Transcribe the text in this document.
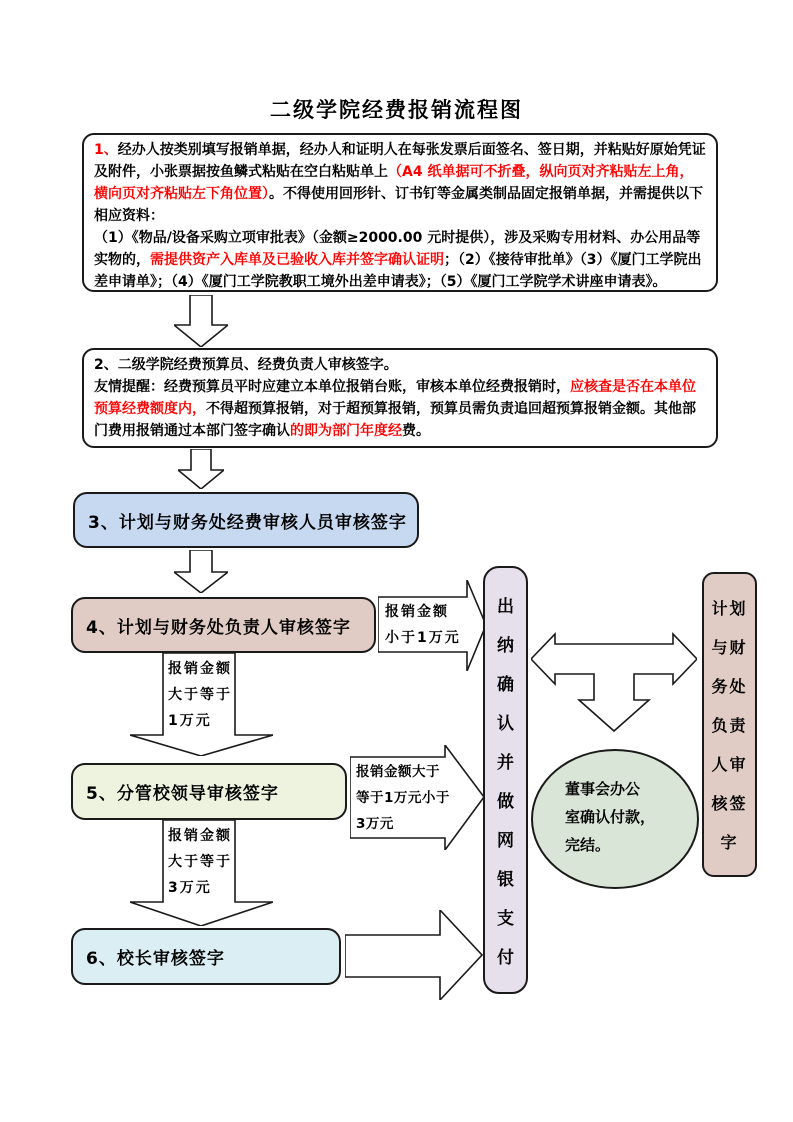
二级学院经费报销流程图
1、经办人按类别填写报销单据，经办人和证明人在每张发票后面签名、签日期，并粘贴好原始凭证及附件，小张票据按鱼鳞式粘贴在空白粘贴单上（A4 纸单据可不折叠，纵向页对齐粘贴左上角，横向页对齐粘贴左下角位置）。不得使用回形针、订书钉等金属类制品固定报销单据，并需提供以下相应资料：
（1）《物品/设备采购立项审批表》（金额≥2000.00 元时提供），涉及采购专用材料、办公用品等实物的，需提供资产入库单及已验收入库并签字确认证明；（2）《接待审批单》（3）《厦门工学院出差申请单》；（4）《厦门工学院教职工境外出差申请表》；（5）《厦门工学院学术讲座申请表》。
2、二级学院经费预算员、经费负责人审核签字。
友情提醒：经费预算员平时应建立本单位报销台账，审核本单位经费报销时，应核查是否在本单位预算经费额度内，不得超预算报销，对于超预算报销，预算员需负责追回超预算报销金额。其他部门费用报销通过本部门签字确认的即为部门年度经费。
3、计划与财务处经费审核人员审核签字
4、计划与财务处负责人审核签字
5、分管校领导审核签字
6、校长审核签字
报销金额
小于1万元
报销金额
大于等于
1万元
报销金额大于
等于1万元小于
3万元
报销金额
大于等于
3万元
出
纳
确
认
并
做
网
银
支
付
董事会办公
室确认付款，
完结。
计划
与财
务处
负责
人审
核签
字
